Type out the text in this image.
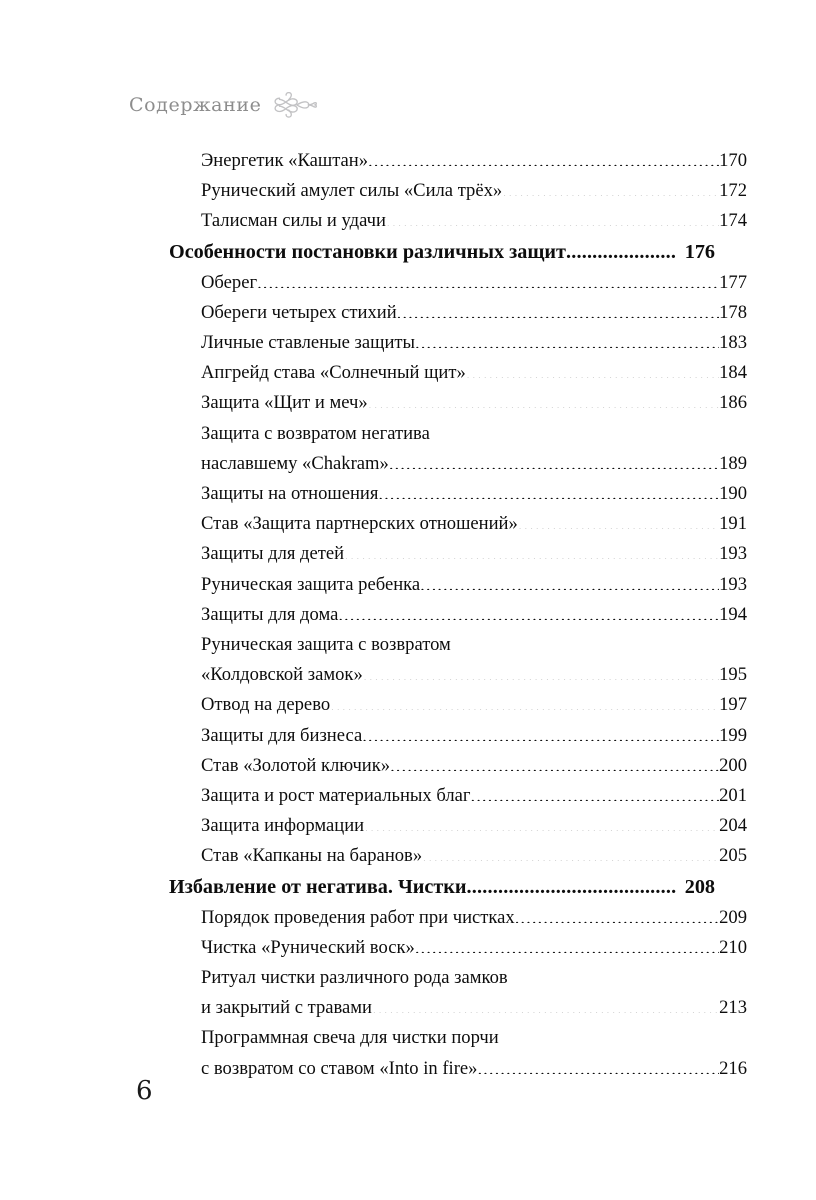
Содержание
Энергетик «Каштан» .....	170
Рунический амулет силы «Сила трёх» .....	172
Талисман силы и удачи .....	174
Особенности постановки различных защит .....	176
Оберег .....	177
Обереги четырех стихий .....	178
Личные ставленые защиты .....	183
Апгрейд става «Солнечный щит» .....	184
Защита «Щит и меч» .....	186
Защита с возвратом негатива
наславшему «Chakram» .....	189
Защиты на отношения .....	190
Став «Защита партнерских отношений» .....	191
Защиты для детей .....	193
Руническая защита ребенка .....	193
Защиты для дома .....	194
Руническая защита с возвратом
«Колдовской замок» .....	195
Отвод на дерево .....	197
Защиты для бизнеса .....	199
Став «Золотой ключик» .....	200
Защита и рост материальных благ .....	201
Защита информации .....	204
Став «Капканы на баранов» .....	205
Избавление от негатива. Чистки .....	208
Порядок проведения работ при чистках .....	209
Чистка «Рунический воск» .....	210
Ритуал чистки различного рода замков
и закрытий с травами .....	213
Программная свеча для чистки порчи
с возвратом со ставом «Into in fire» .....	216
6
